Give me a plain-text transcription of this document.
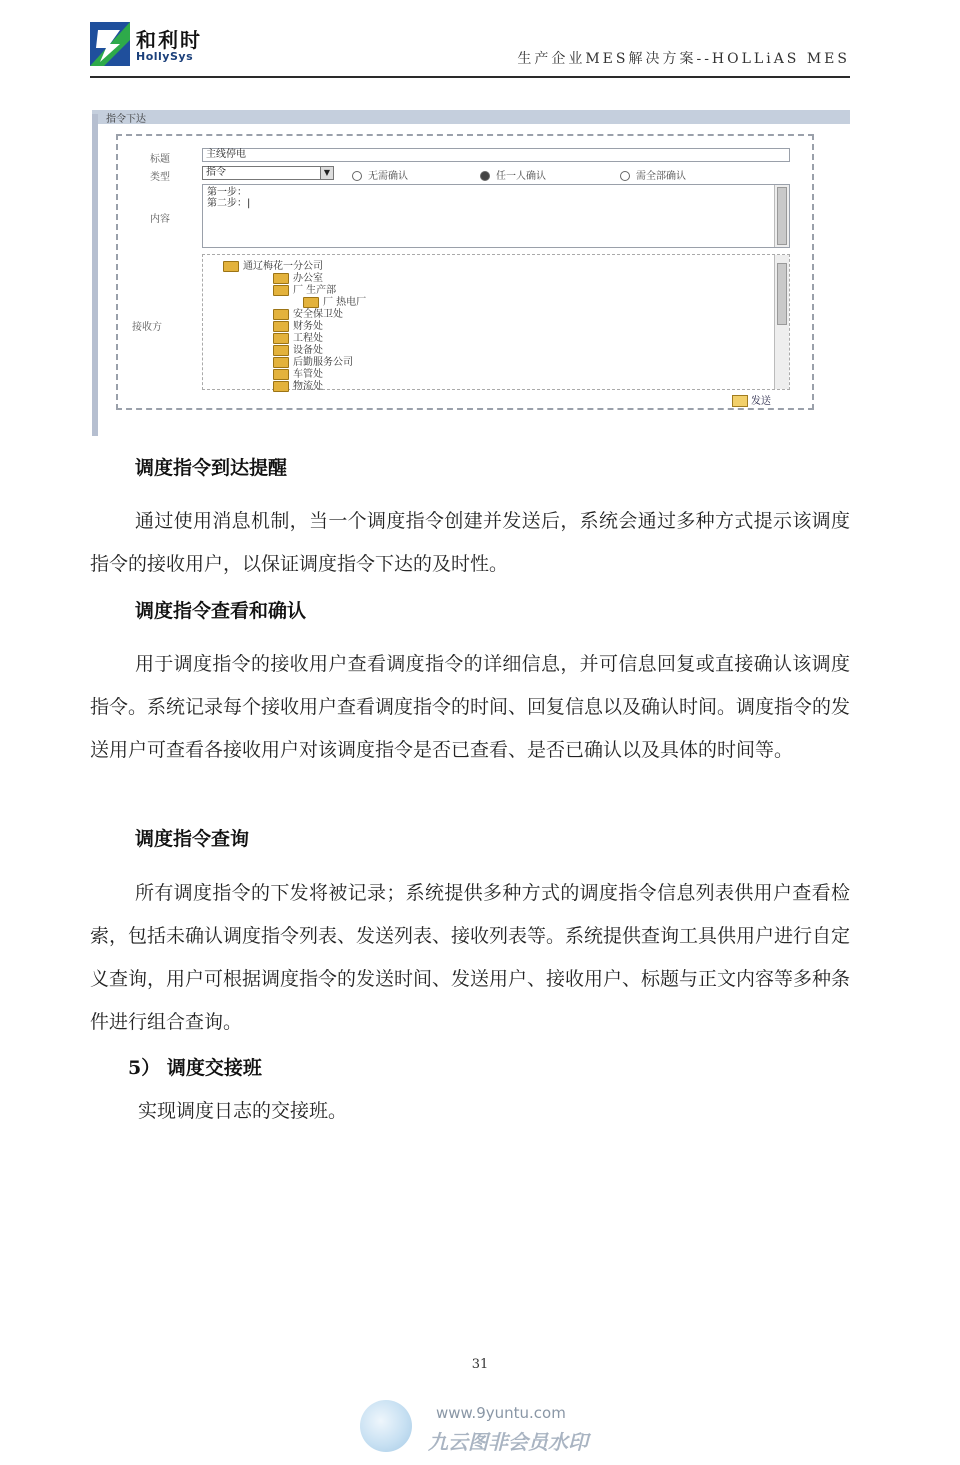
和利时
HollySys	生产企业MES解决方案--HOLLiAS MES
指令下达
标题	主线停电
类型	指令	▼	无需确认	任一人确认	需全部确认
内容
第一步：
第二步：|
接收方
通辽梅花一分公司
办公室
厂 生产部
厂 热电厂
安全保卫处
财务处
工程处
设备处
后勤服务公司
车管处
物流处
发送
调度指令到达提醒

通过使用消息机制，当一个调度指令创建并发送后，系统会通过多种方式提示该调度指令的接收用户，以保证调度指令下达的及时性。

调度指令查看和确认

用于调度指令的接收用户查看调度指令的详细信息，并可信息回复或直接确认该调度指令。系统记录每个接收用户查看调度指令的时间、回复信息以及确认时间。调度指令的发送用户可查看各接收用户对该调度指令是否已查看、是否已确认以及具体的时间等。

调度指令查询

所有调度指令的下发将被记录；系统提供多种方式的调度指令信息列表供用户查看检索，包括未确认调度指令列表、发送列表、接收列表等。系统提供查询工具供用户进行自定义查询，用户可根据调度指令的发送时间、发送用户、接收用户、标题与正文内容等多种条件进行组合查询。

5） 调度交接班
实现调度日志的交接班。
31
www.9yuntu.com
九云图非会员水印
